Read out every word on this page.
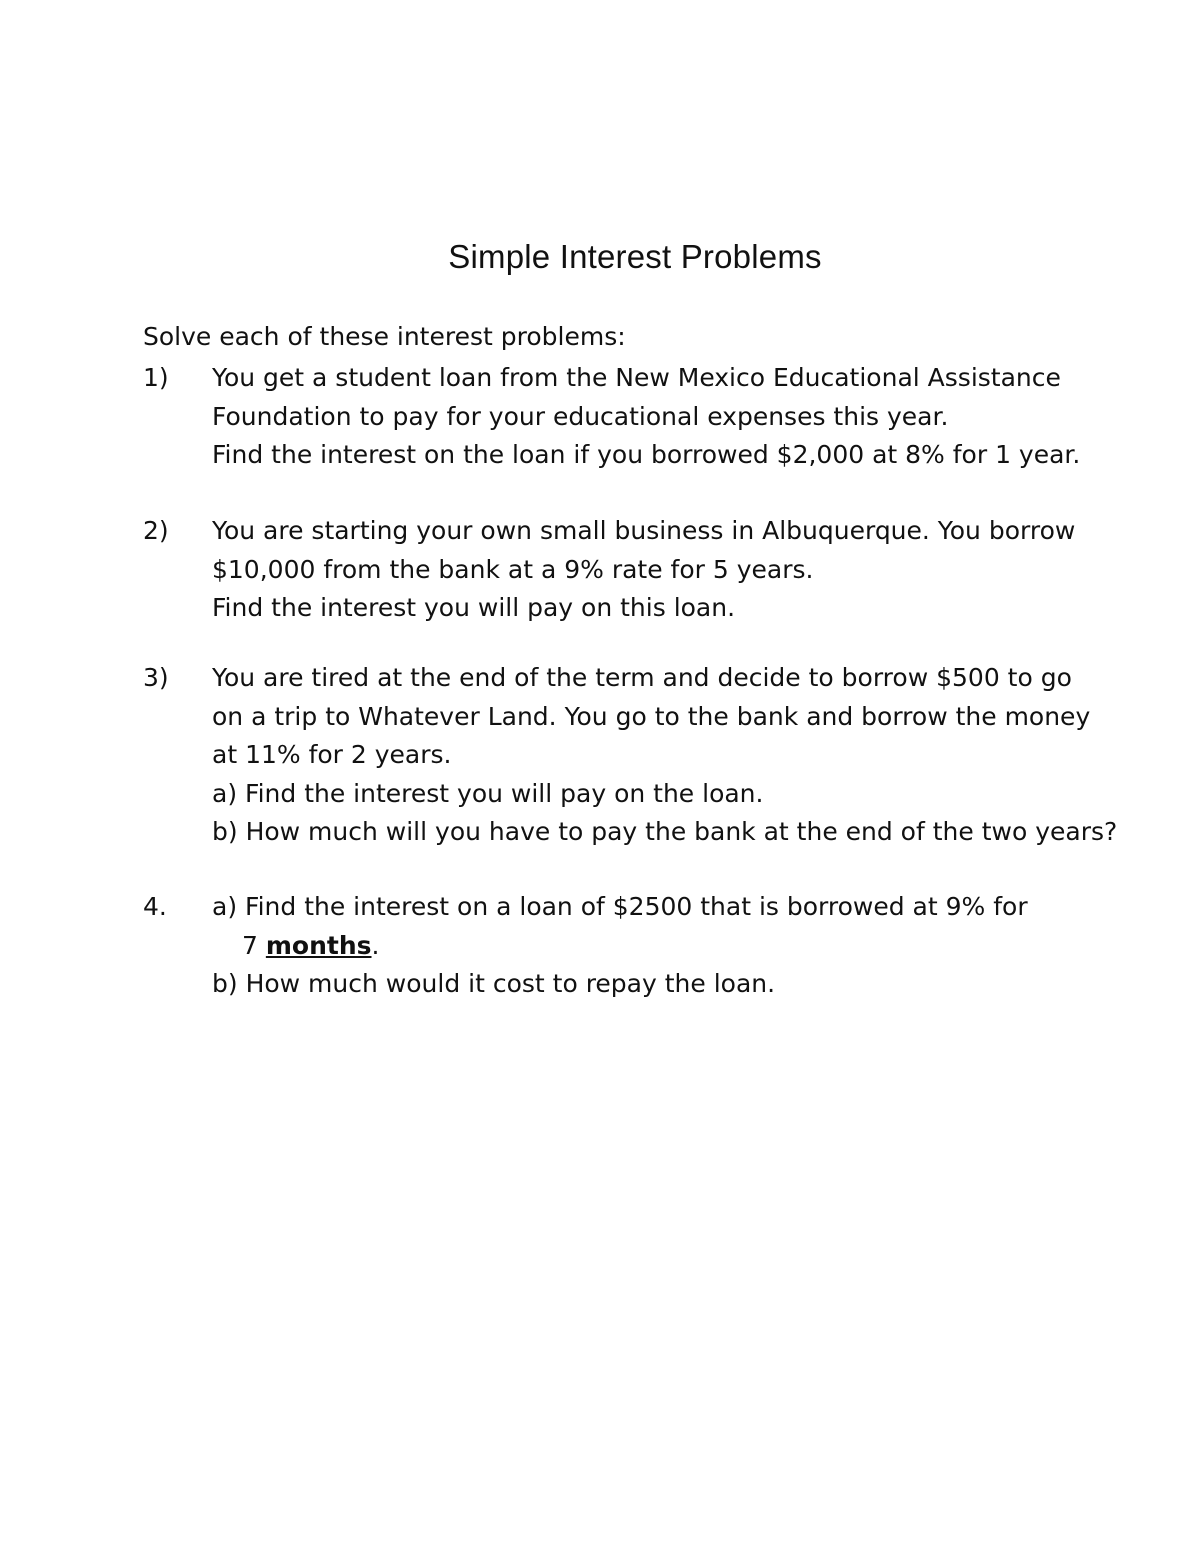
Simple Interest Problems

Solve each of these interest problems:

1) You get a student loan from the New Mexico Educational Assistance
Foundation to pay for your educational expenses this year.
Find the interest on the loan if you borrowed $2,000 at 8% for 1 year.
2) You are starting your own small business in Albuquerque. You borrow
$10,000 from the bank at a 9% rate for 5 years.
Find the interest you will pay on this loan.
3) You are tired at the end of the term and decide to borrow $500 to go
on a trip to Whatever Land. You go to the bank and borrow the money
at 11% for 2 years.
a) Find the interest you will pay on the loan.
b) How much will you have to pay the bank at the end of the two years?
4. a) Find the interest on a loan of $2500 that is borrowed at 9% for
7 months.
b) How much would it cost to repay the loan.
